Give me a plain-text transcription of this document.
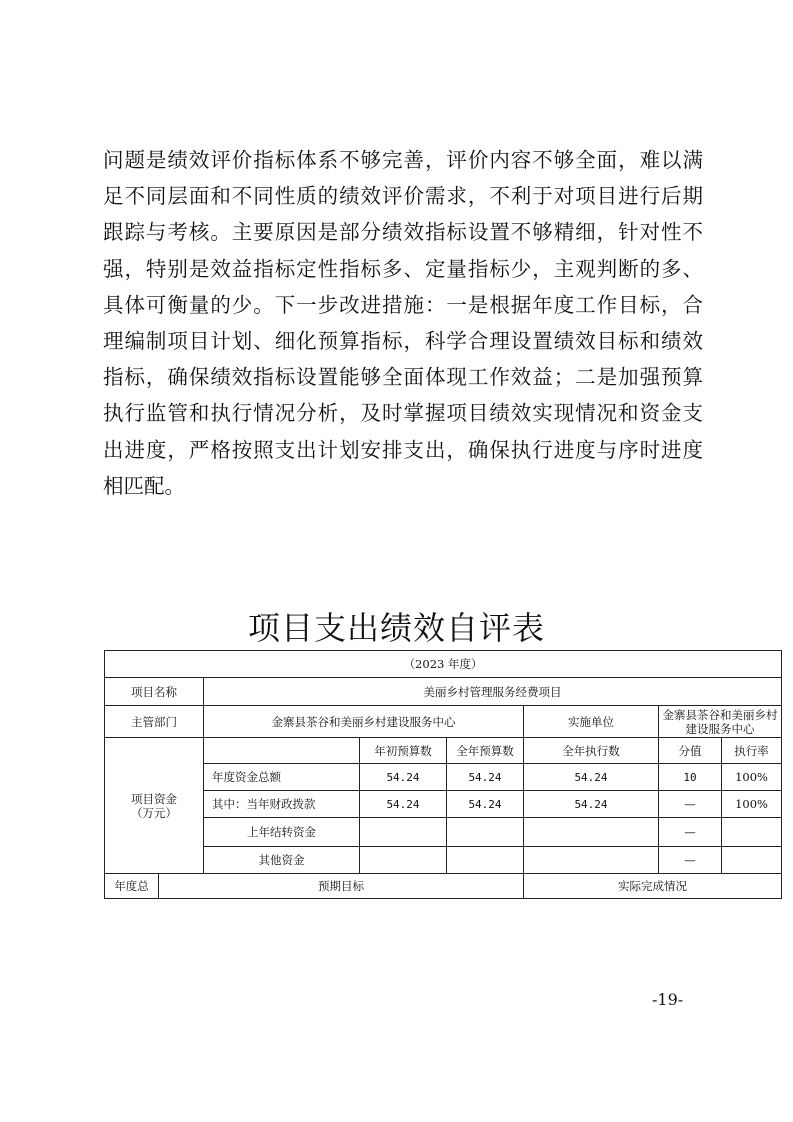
问题是绩效评价指标体系不够完善，评价内容不够全面，难以满
足不同层面和不同性质的绩效评价需求，不利于对项目进行后期
跟踪与考核。主要原因是部分绩效指标设置不够精细，针对性不
强，特别是效益指标定性指标多、定量指标少，主观判断的多、
具体可衡量的少。下一步改进措施：一是根据年度工作目标，合
理编制项目计划、细化预算指标，科学合理设置绩效目标和绩效
指标，确保绩效指标设置能够全面体现工作效益；二是加强预算
执行监管和执行情况分析，及时掌握项目绩效实现情况和资金支
出进度，严格按照支出计划安排支出，确保执行进度与序时进度
相匹配。
项目支出绩效自评表
（2023 年度）							
项目名称		美丽乡村管理服务经费项目					
主管部门		金寨县茶谷和美丽乡村建设服务中心			实施单位	金寨县茶谷和美丽乡村建设服务中心	
项目资金
（万元）			年初预算数	全年预算数	全年执行数	分值	执行率
		年度资金总额	54.24	54.24	54.24	10	100%
		其中：当年财政拨款	54.24	54.24	54.24	—	100%
		上年结转资金				—	
		其他资金				—	
年度总	预期目标				实际完成情况		
-19-
